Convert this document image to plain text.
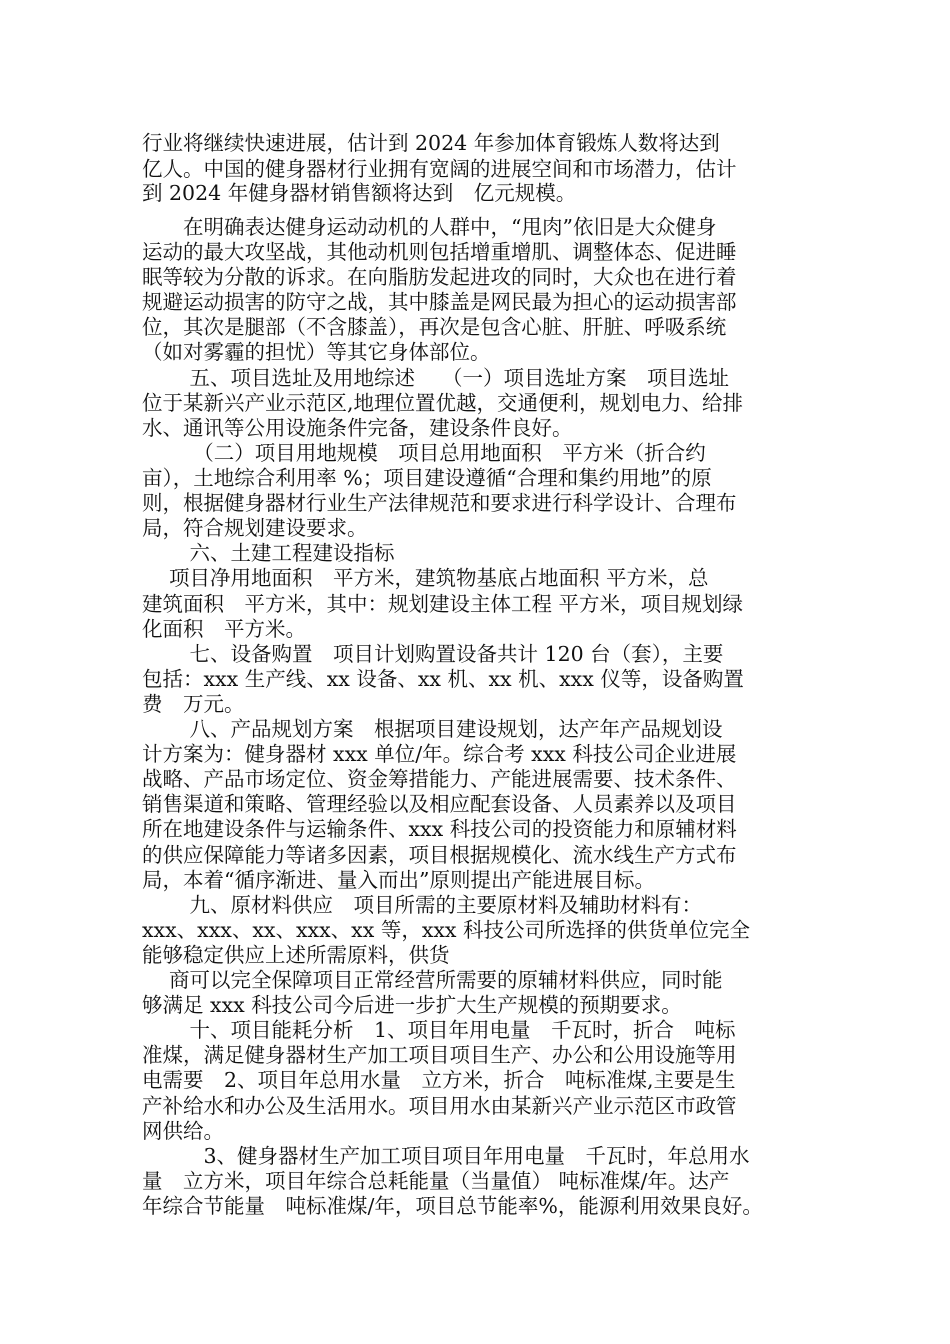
行业将继续快速进展，估计到 2024 年参加体育锻炼人数将达到
亿人。中国的健身器材行业拥有宽阔的进展空间和市场潜力，估计
到 2024 年健身器材销售额将达到　亿元规模。
　　在明确表达健身运动动机的人群中，“甩肉”依旧是大众健身
运动的最大攻坚战，其他动机则包括增重增肌、调整体态、促进睡
眠等较为分散的诉求。在向脂肪发起进攻的同时，大众也在进行着
规避运动损害的防守之战，其中膝盖是网民最为担心的运动损害部
位，其次是腿部（不含膝盖），再次是包含心脏、肝脏、呼吸系统
（如对雾霾的担忧）等其它身体部位。
　　 五、项目选址及用地综述　 （一）项目选址方案　项目选址
位于某新兴产业示范区,地理位置优越，交通便利，规划电力、给排
水、通讯等公用设施条件完备，建设条件良好。
　　　（二）项目用地规模　项目总用地面积　平方米（折合约
亩），土地综合利用率 %；项目建设遵循“合理和集约用地”的原
则，根据健身器材行业生产法律规范和要求进行科学设计、合理布
局，符合规划建设要求。
　　 六、土建工程建设指标
　 项目净用地面积　平方米，建筑物基底占地面积 平方米，总
建筑面积　平方米，其中：规划建设主体工程 平方米，项目规划绿
化面积　平方米。
　　 七、设备购置　项目计划购置设备共计 120 台（套），主要
包括：xxx 生产线、xx 设备、xx 机、xx 机、xxx 仪等，设备购置
费　万元。
　　 八、产品规划方案　根据项目建设规划，达产年产品规划设
计方案为：健身器材 xxx 单位/年。综合考 xxx 科技公司企业进展
战略、产品市场定位、资金筹措能力、产能进展需要、技术条件、
销售渠道和策略、管理经验以及相应配套设备、人员素养以及项目
所在地建设条件与运输条件、xxx 科技公司的投资能力和原辅材料
的供应保障能力等诸多因素，项目根据规模化、流水线生产方式布
局，本着“循序渐进、量入而出”原则提出产能进展目标。
　　 九、原材料供应　项目所需的主要原材料及辅助材料有：
xxx、xxx、xx、xxx、xx 等，xxx 科技公司所选择的供货单位完全
能够稳定供应上述所需原料，供货
　 商可以完全保障项目正常经营所需要的原辅材料供应，同时能
够满足 xxx 科技公司今后进一步扩大生产规模的预期要求。
　　 十、项目能耗分析　1、项目年用电量　千瓦时，折合　吨标
准煤，满足健身器材生产加工项目项目生产、办公和公用设施等用
电需要　2、项目年总用水量　立方米，折合　吨标准煤,主要是生
产补给水和办公及生活用水。项目用水由某新兴产业示范区市政管
网供给。
　　　3、健身器材生产加工项目项目年用电量　千瓦时，年总用水
量　立方米，项目年综合总耗能量（当量值） 吨标准煤/年。达产
年综合节能量　吨标准煤/年，项目总节能率%，能源利用效果良好。
